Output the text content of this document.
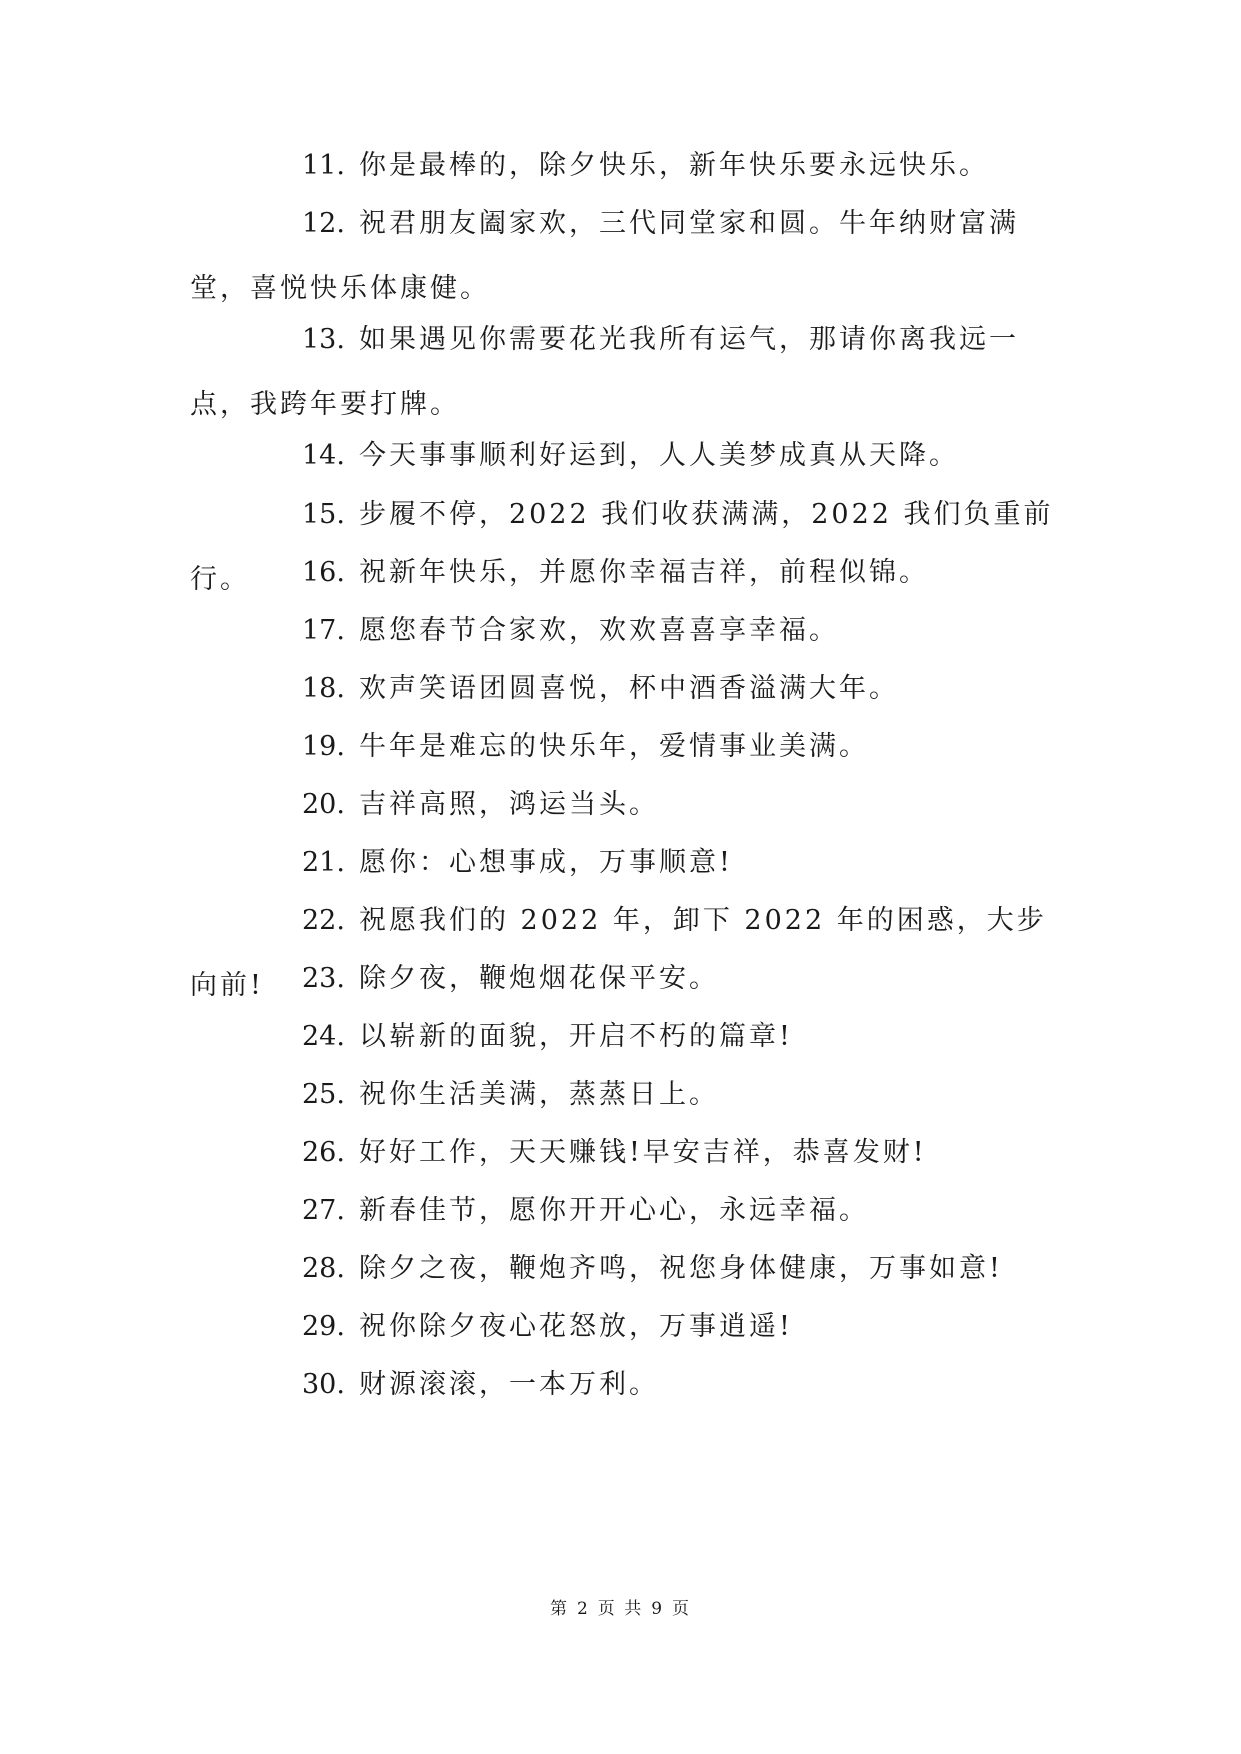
11. 你是最棒的，除夕快乐，新年快乐要永远快乐。
12. 祝君朋友阖家欢，三代同堂家和圆。牛年纳财富满堂，喜悦快乐体康健。
13. 如果遇见你需要花光我所有运气，那请你离我远一点，我跨年要打牌。
14. 今天事事顺利好运到，人人美梦成真从天降。
15. 步履不停，2022 我们收获满满，2022 我们负重前行。	16. 祝新年快乐，并愿你幸福吉祥，前程似锦。
17. 愿您春节合家欢，欢欢喜喜享幸福。
18. 欢声笑语团圆喜悦，杯中酒香溢满大年。
19. 牛年是难忘的快乐年，爱情事业美满。
20. 吉祥高照，鸿运当头。
21. 愿你：心想事成，万事顺意!
22. 祝愿我们的 2022 年，卸下 2022 年的困惑，大步向前!	23. 除夕夜，鞭炮烟花保平安。
24. 以崭新的面貌，开启不朽的篇章!
25. 祝你生活美满，蒸蒸日上。
26. 好好工作，天天赚钱!早安吉祥，恭喜发财!
27. 新春佳节，愿你开开心心，永远幸福。
28. 除夕之夜，鞭炮齐鸣，祝您身体健康，万事如意!
29. 祝你除夕夜心花怒放，万事逍遥!
30. 财源滚滚，一本万利。
第 2 页 共 9 页
